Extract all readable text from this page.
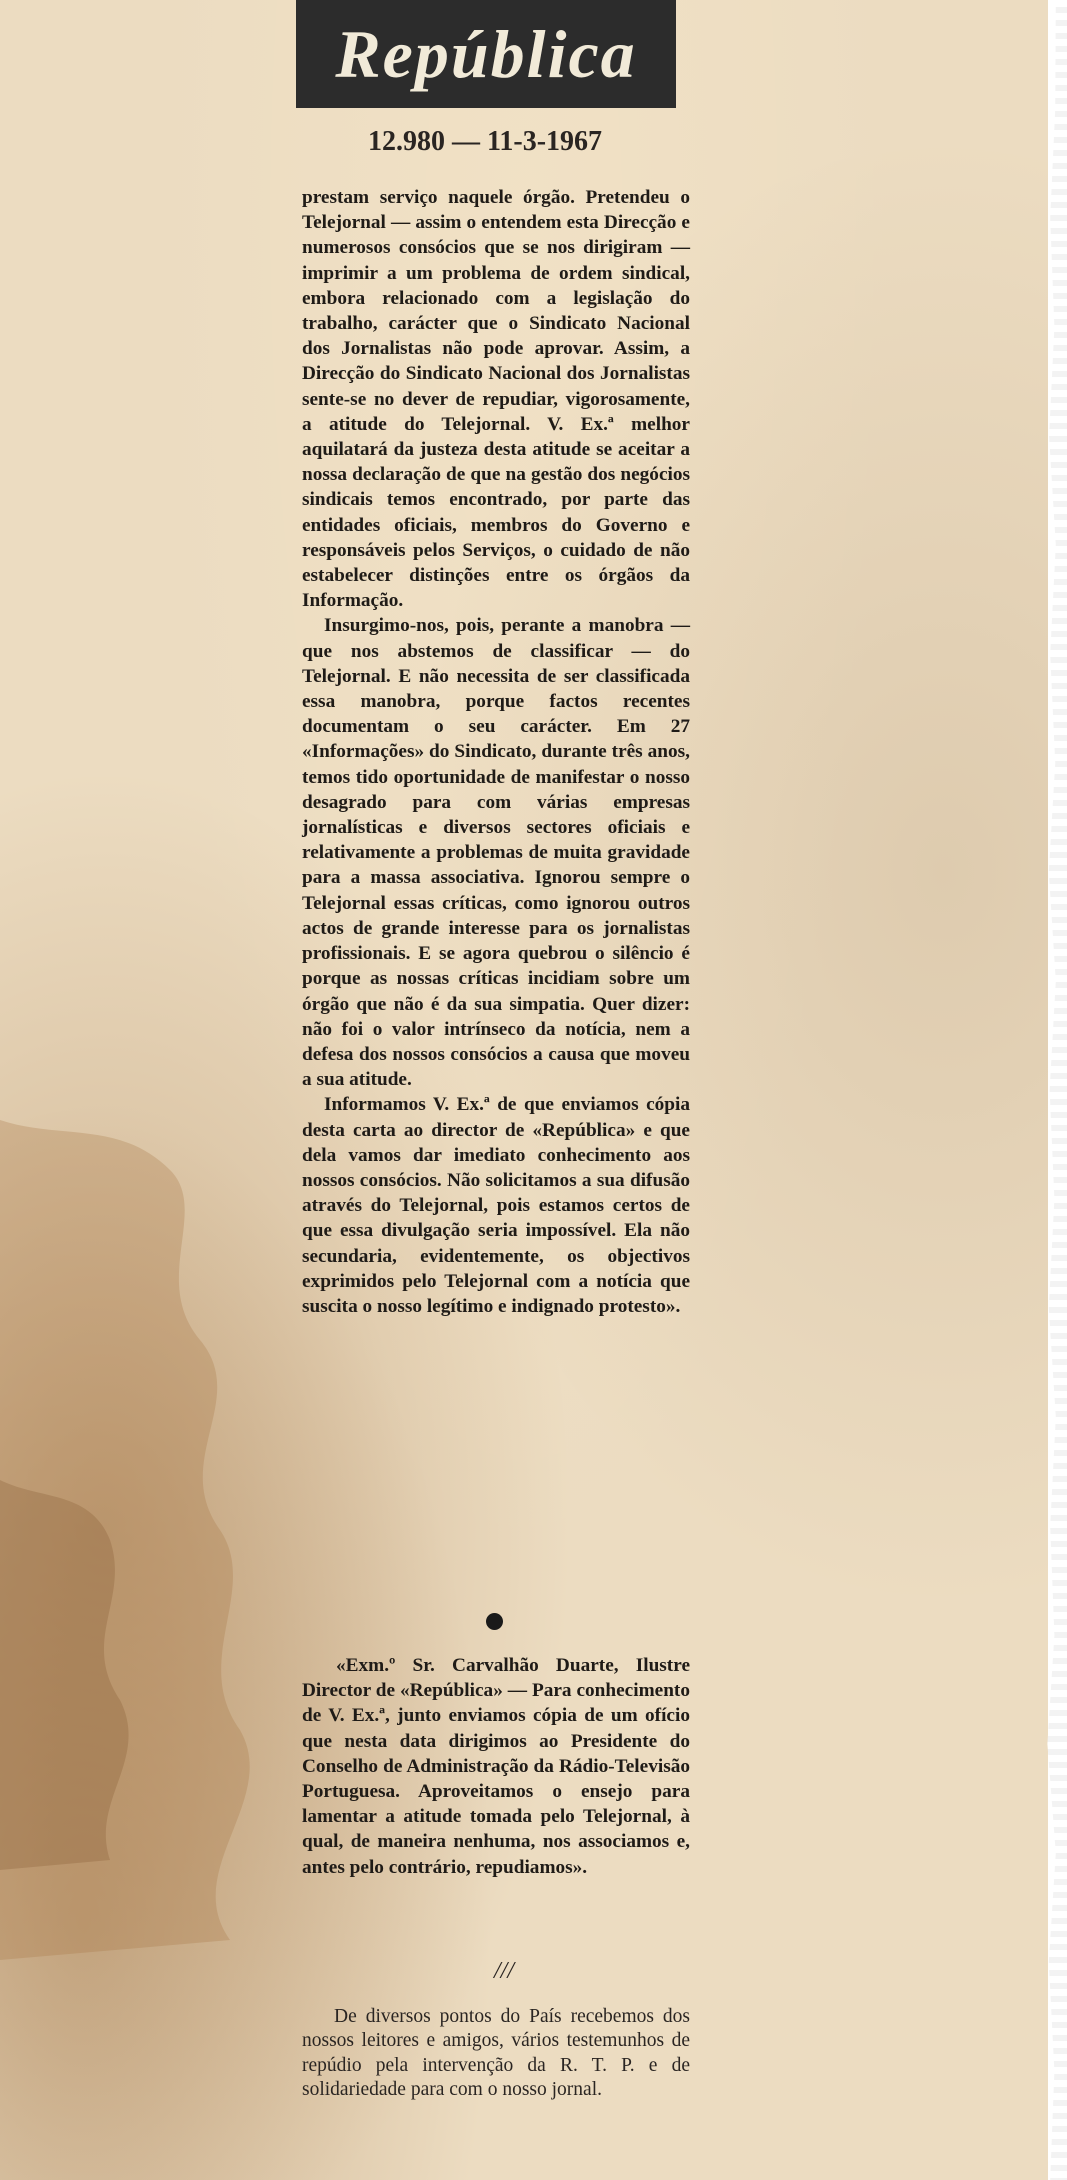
República
12.980 — 11-3-1967

prestam serviço naquele órgão. Pretendeu o Telejornal — assim o entendem esta Direcção e numerosos consócios que se nos dirigiram — imprimir a um problema de ordem sindical, embora relacionado com a legislação do trabalho, carácter que o Sindicato Nacional dos Jornalistas não pode aprovar. Assim, a Direcção do Sindicato Nacional dos Jornalistas sente-se no dever de repudiar, vigorosamente, a atitude do Telejornal. V. Ex.ª melhor aquilatará da justeza desta atitude se aceitar a nossa declaração de que na gestão dos negócios sindicais temos encontrado, por parte das entidades oficiais, membros do Governo e responsáveis pelos Serviços, o cuidado de não estabelecer distinções entre os órgãos da Informação.

Insurgimo-nos, pois, perante a manobra — que nos abstemos de classificar — do Telejornal. E não necessita de ser classificada essa manobra, porque factos recentes documentam o seu carácter. Em 27 «Informações» do Sindicato, durante três anos, temos tido oportunidade de manifestar o nosso desagrado para com várias empresas jornalísticas e diversos sectores oficiais e relativamente a problemas de muita gravidade para a massa associativa. Ignorou sempre o Telejornal essas críticas, como ignorou outros actos de grande interesse para os jornalistas profissionais. E se agora quebrou o silêncio é porque as nossas críticas incidiam sobre um órgão que não é da sua simpatia. Quer dizer: não foi o valor intrínseco da notícia, nem a defesa dos nossos consócios a causa que moveu a sua atitude.

Informamos V. Ex.ª de que enviamos cópia desta carta ao director de «República» e que dela vamos dar imediato conhecimento aos nossos consócios. Não solicitamos a sua difusão através do Telejornal, pois estamos certos de que essa divulgação seria impossível. Ela não secundaria, evidentemente, os objectivos exprimidos pelo Telejornal com a notícia que suscita o nosso legítimo e indignado protesto».

«Exm.º Sr. Carvalhão Duarte, Ilustre Director de «República» — Para conhecimento de V. Ex.ª, junto enviamos cópia de um ofício que nesta data dirigimos ao Presidente do Conselho de Administração da Rádio-Televisão Portuguesa. Aproveitamos o ensejo para lamentar a atitude tomada pelo Telejornal, à qual, de maneira nenhuma, nos associamos e, antes pelo contrário, repudiamos».

///

De diversos pontos do País recebemos dos nossos leitores e amigos, vários testemunhos de repúdio pela intervenção da R. T. P. e de solidariedade para com o nosso jornal.
